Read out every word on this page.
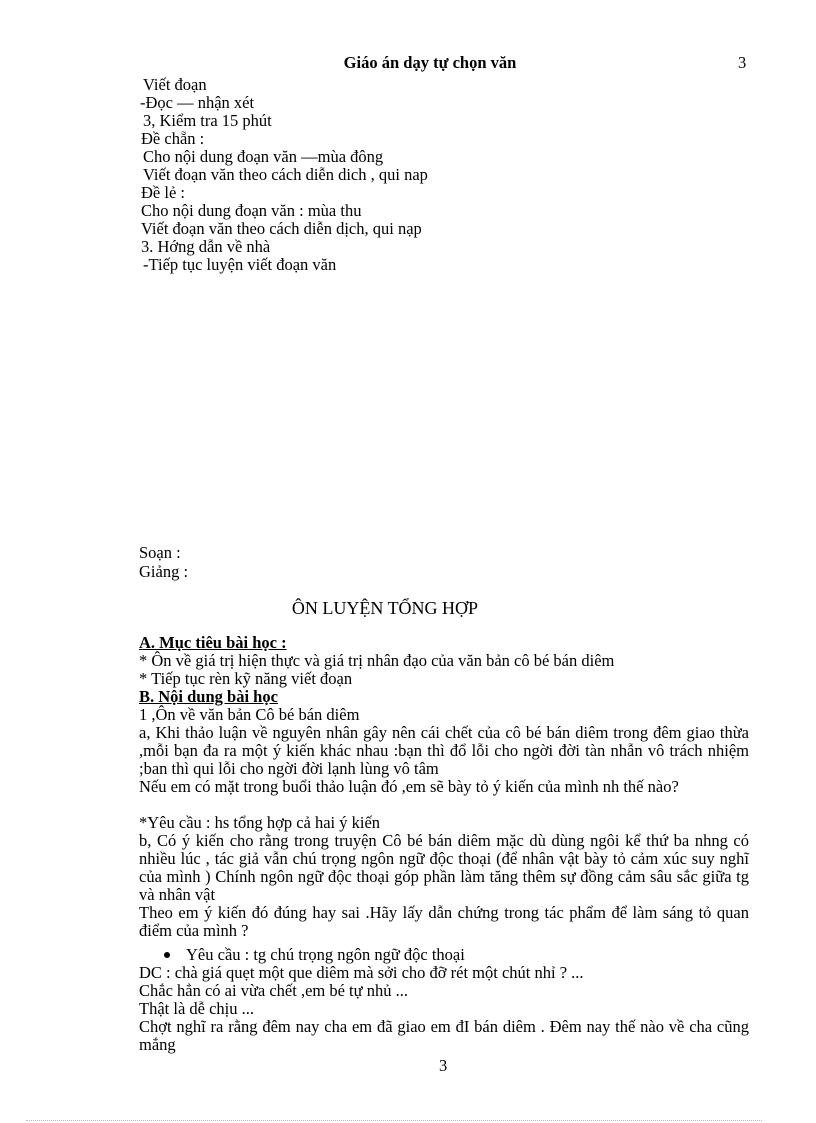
Giáo án dạy tự chọn văn	3
Viết đoạn
-Đọc — nhận xét
3, Kiểm tra 15 phút
Đề chẵn :
Cho nội dung đoạn văn —mùa đông
Viết đoạn văn theo cách diễn dich , qui nap
Đề lẻ :
Cho nội dung đoạn văn : mùa thu
Viết đoạn văn theo cách diễn dịch, qui nạp
3. Hớng dẫn về nhà
-Tiếp tục luyện viết đoạn văn
Soạn :
Giảng :
ÔN LUYỆN TỔNG HỢP
A. Mục tiêu bài học :
* Ôn về giá trị hiện thực và giá trị nhân đạo của văn bản cô bé bán diêm
* Tiếp tục rèn kỹ năng viết đoạn
B. Nội dung bài học
1 ,Ôn về văn bản Cô bé bán diêm
a, Khi thảo luận về nguyên nhân gây nên cái chết của cô bé bán diêm trong đêm giao thừa ,mỗi bạn đa ra một ý kiến khác nhau :bạn thì đổ lỗi cho ngời đời tàn nhẫn vô trách nhiệm ;ban thì qui lỗi cho ngời đời lạnh lùng vô tâm
Nếu em có mặt trong buổi thảo luận đó ,em sẽ bày tỏ ý kiến của mình nh thế nào?
*Yêu cầu : hs tổng hợp cả hai ý kiến
b, Có ý kiến cho rằng trong truyện Cô bé bán diêm mặc dù dùng ngôi kể thứ ba nhng có nhiều lúc , tác giả vẫn chú trọng ngôn ngữ độc thoại (để nhân vật bày tỏ cảm xúc suy nghĩ của mình ) Chính ngôn ngữ độc thoại góp phần làm tăng thêm sự đồng cảm sâu sắc giữa tg và nhân vật
Theo em ý kiến đó đúng hay sai .Hãy lấy dẫn chứng trong tác phẩm để làm sáng tỏ quan điểm của mình ?
Yêu cầu : tg chú trọng ngôn ngữ độc thoại
DC : chà giá quẹt một que diêm mà sởi cho đỡ rét một chút nhỉ ? ...
Chắc hẳn có ai vừa chết ,em bé tự nhủ ...
Thật là dễ chịu ...
Chợt nghĩ ra rằng đêm nay cha em đã giao em đI bán diêm . Đêm nay thế nào về cha cũng mắng
3
